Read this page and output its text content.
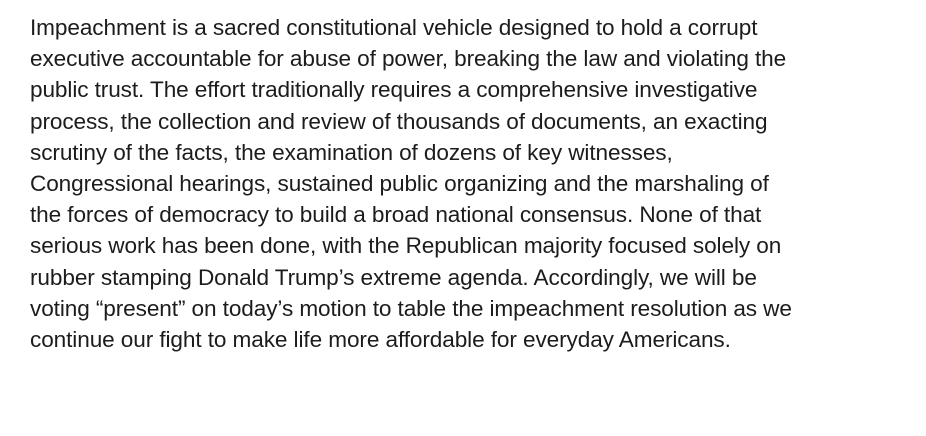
Impeachment is a sacred constitutional vehicle designed to hold a corrupt
executive accountable for abuse of power, breaking the law and violating the
public trust. The effort traditionally requires a comprehensive investigative
process, the collection and review of thousands of documents, an exacting
scrutiny of the facts, the examination of dozens of key witnesses,
Congressional hearings, sustained public organizing and the marshaling of
the forces of democracy to build a broad national consensus. None of that
serious work has been done, with the Republican majority focused solely on
rubber stamping Donald Trump’s extreme agenda. Accordingly, we will be
voting “present” on today’s motion to table the impeachment resolution as we
continue our fight to make life more affordable for everyday Americans.
